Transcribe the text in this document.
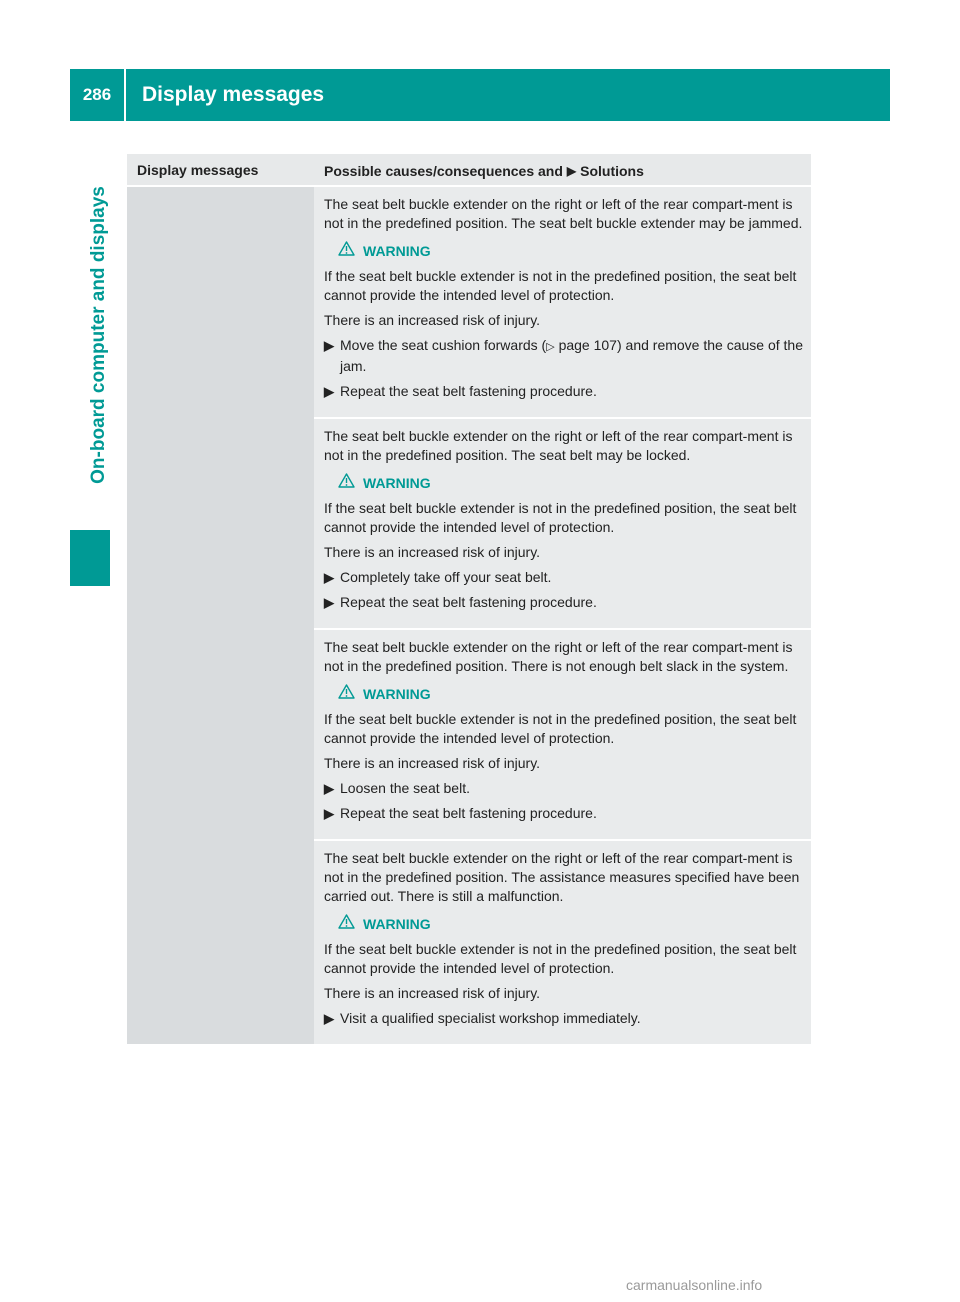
286	Display messages
On-board computer and displays
Display messages	Possible causes/consequences and ▶ Solutions

The seat belt buckle extender on the right or left of the rear compart-ment is not in the predefined position. The seat belt buckle extender may be jammed.

WARNING

If the seat belt buckle extender is not in the predefined position, the seat belt cannot provide the intended level of protection.

There is an increased risk of injury.

▶ Move the seat cushion forwards (▷ page 107) and remove the cause of the jam.
▶ Repeat the seat belt fastening procedure.

The seat belt buckle extender on the right or left of the rear compart-ment is not in the predefined position. The seat belt may be locked.

WARNING

If the seat belt buckle extender is not in the predefined position, the seat belt cannot provide the intended level of protection.

There is an increased risk of injury.

▶ Completely take off your seat belt.
▶ Repeat the seat belt fastening procedure.

The seat belt buckle extender on the right or left of the rear compart-ment is not in the predefined position. There is not enough belt slack in the system.

WARNING

If the seat belt buckle extender is not in the predefined position, the seat belt cannot provide the intended level of protection.

There is an increased risk of injury.

▶ Loosen the seat belt.
▶ Repeat the seat belt fastening procedure.

The seat belt buckle extender on the right or left of the rear compart-ment is not in the predefined position. The assistance measures specified have been carried out. There is still a malfunction.

WARNING

If the seat belt buckle extender is not in the predefined position, the seat belt cannot provide the intended level of protection.

There is an increased risk of injury.

▶ Visit a qualified specialist workshop immediately.
carmanualsonline.info
